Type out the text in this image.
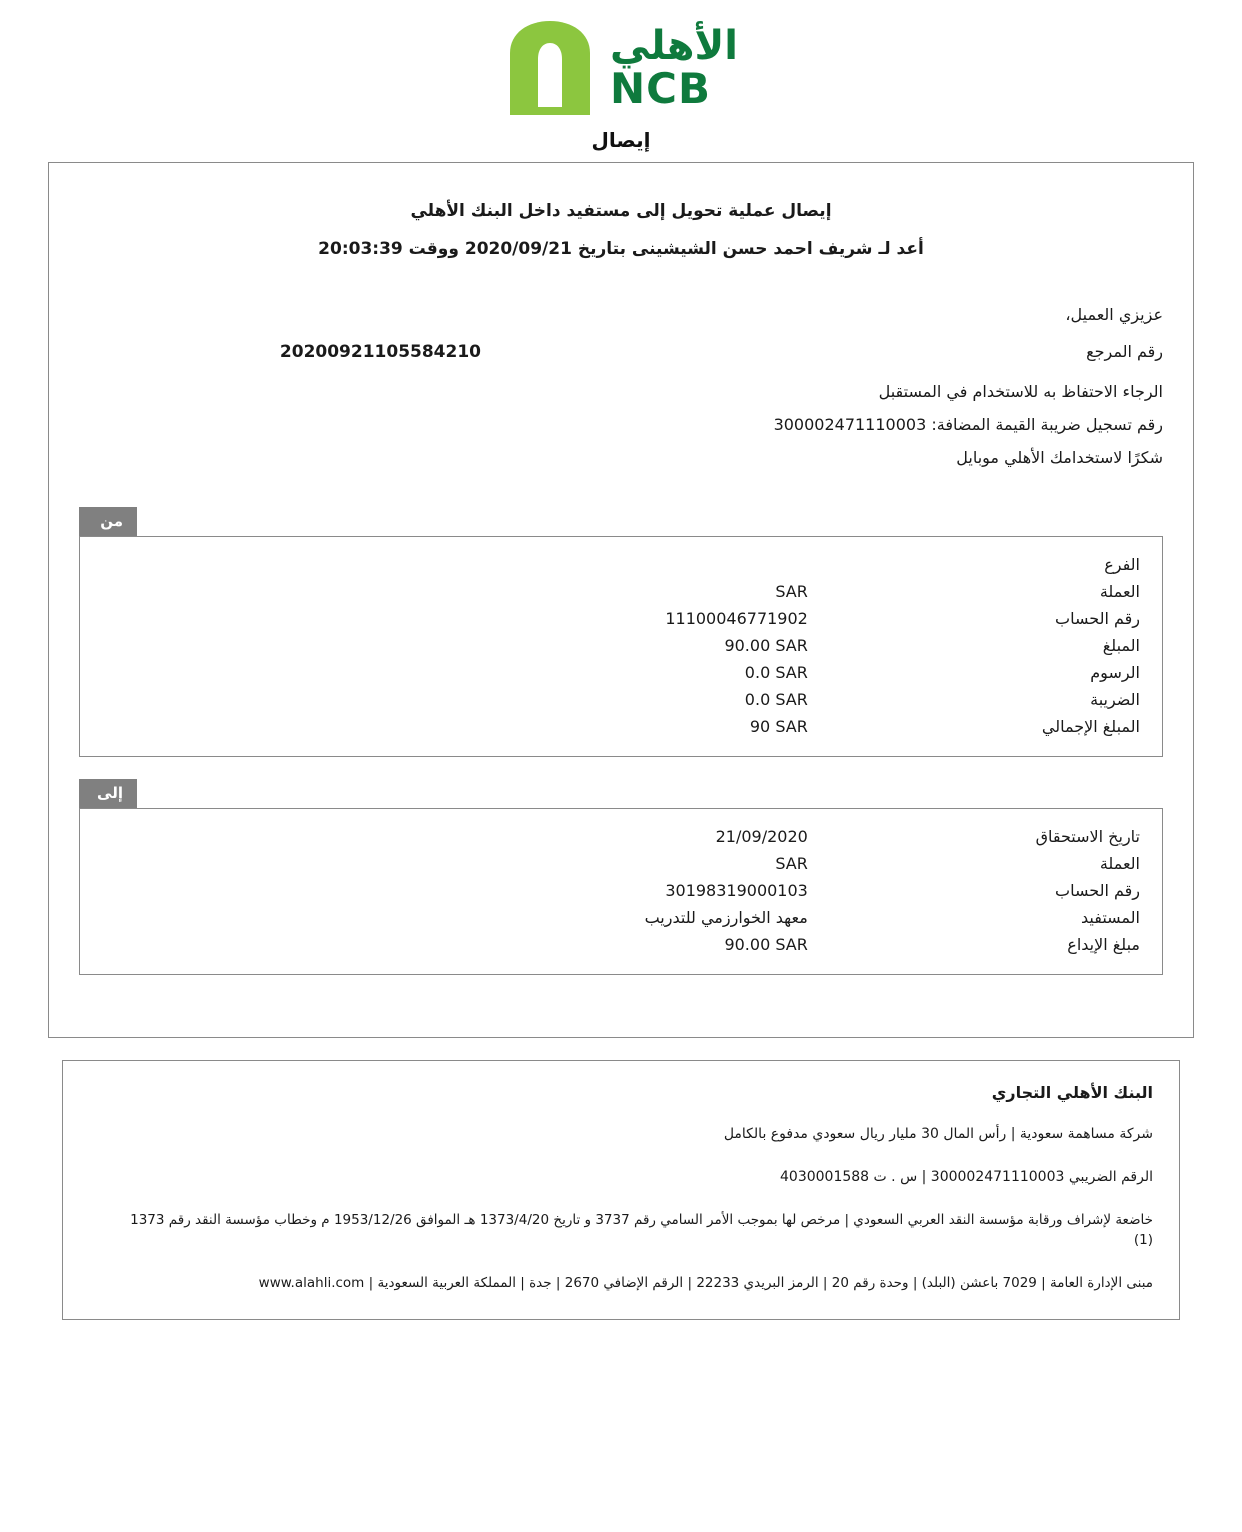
الأهلي
NCB
إيصال
إيصال عملية تحويل إلى مستفيد داخل البنك الأهلي
أعد لـ شريف احمد حسن الشيشينى بتاريخ 2020/09/21 ووقت 20:03:39
عزيزي العميل،
رقم المرجع
20200921105584210
الرجاء الاحتفاظ به للاستخدام في المستقبل
رقم تسجيل ضريبة القيمة المضافة: 300002471110003
شكرًا لاستخدامك الأهلي موبايل
من
الفرع
العملة
SAR
رقم الحساب
11100046771902
المبلغ
90.00 SAR
الرسوم
0.0 SAR
الضريبة
0.0 SAR
المبلغ الإجمالي
90 SAR
إلى
تاريخ الاستحقاق
21/09/2020
العملة
SAR
رقم الحساب
30198319000103
المستفيد
معهد الخوارزمي للتدريب
مبلغ الإيداع
90.00 SAR
البنك الأهلي التجاري
شركة مساهمة سعودية | رأس المال 30 مليار ريال سعودي مدفوع بالكامل
الرقم الضريبي 300002471110003 | س . ت 4030001588
خاضعة لإشراف ورقابة مؤسسة النقد العربي السعودي | مرخص لها بموجب الأمر السامي رقم 3737 و تاريخ 1373/4/20 هـ الموافق 1953/12/26 م وخطاب مؤسسة النقد رقم 1373 (1)
مبنى الإدارة العامة | 7029 باعشن (البلد) | وحدة رقم 20 | الرمز البريدي 22233 | الرقم الإضافي 2670 | جدة | المملكة العربية السعودية | www.alahli.com
